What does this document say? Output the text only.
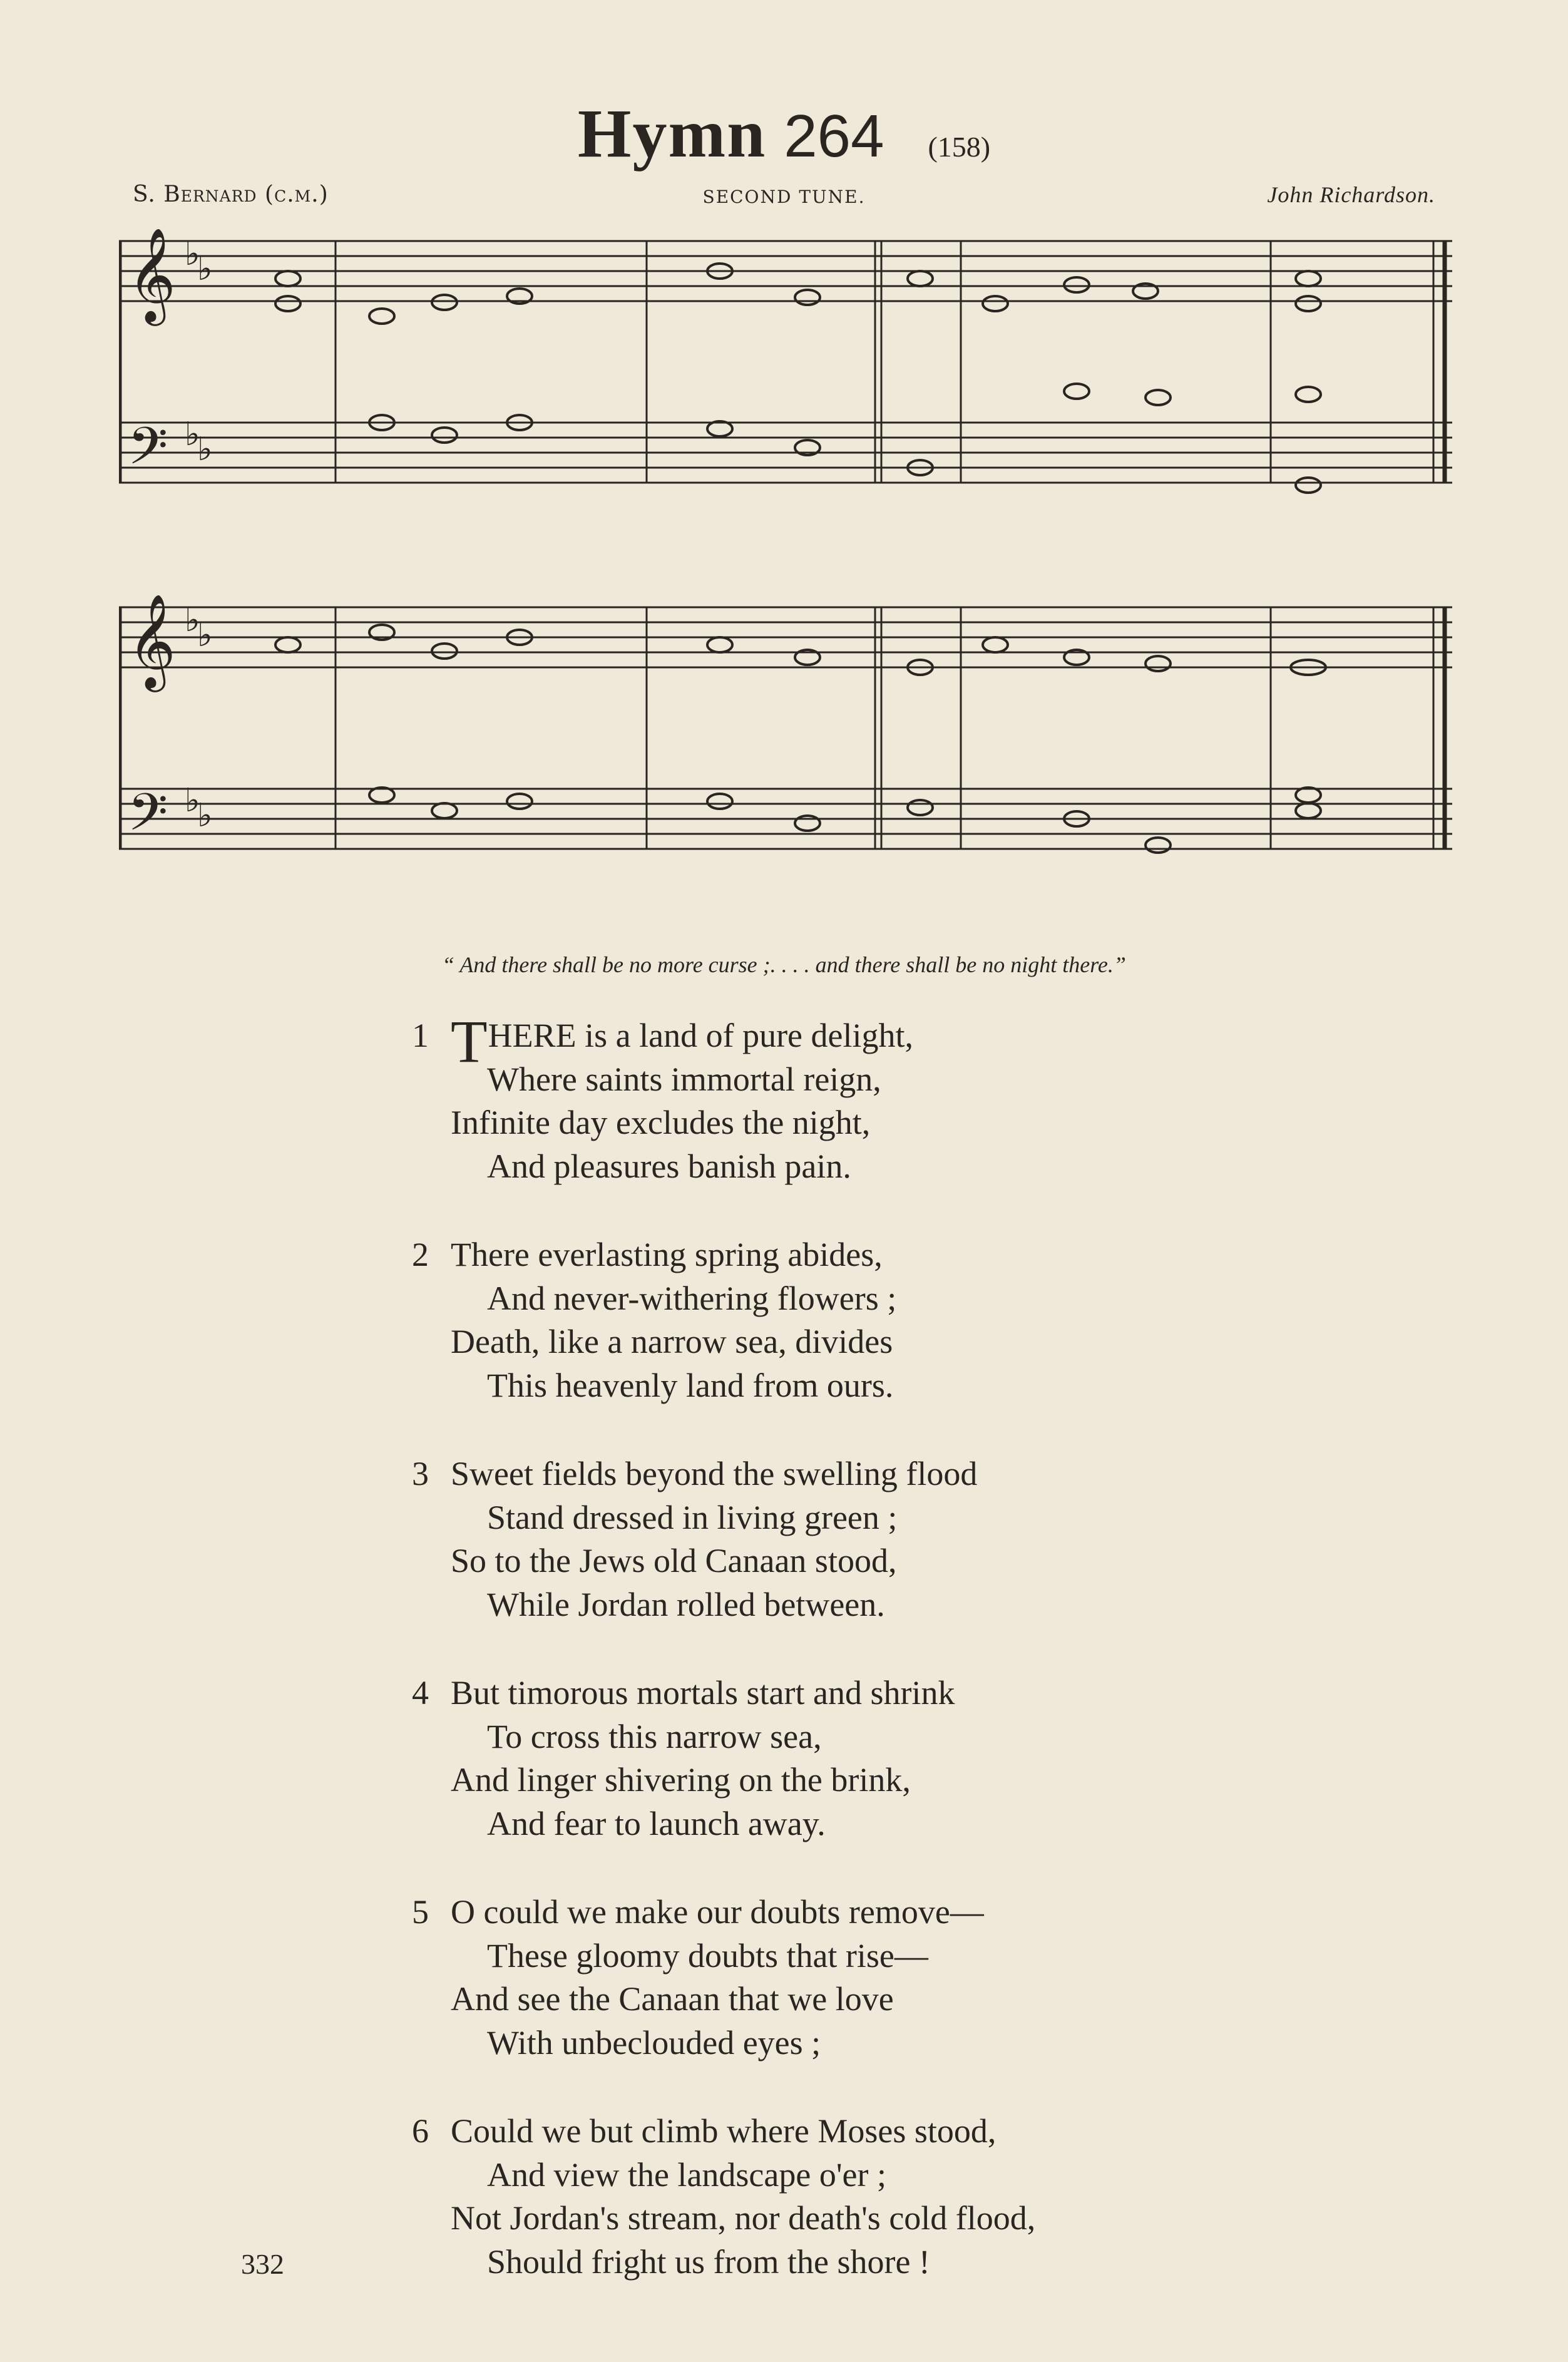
Hymn 264 (158)
S. Bernard (c.m.)	SECOND TUNE.	John Richardson.
𝄞
𝄢
♭
♭
♭
♭
𝄞
𝄢
♭
♭
♭
♭
“ And there shall be no more curse ;. . . . and there shall be no night there.”
1 THERE is a land of pure delight,
Where saints immortal reign,
Infinite day excludes the night,
And pleasures banish pain.
2 There everlasting spring abides,
And never-withering flowers ;
Death, like a narrow sea, divides
This heavenly land from ours.
3 Sweet fields beyond the swelling flood
Stand dressed in living green ;
So to the Jews old Canaan stood,
While Jordan rolled between.
4 But timorous mortals start and shrink
To cross this narrow sea,
And linger shivering on the brink,
And fear to launch away.
5 O could we make our doubts remove—
These gloomy doubts that rise—
And see the Canaan that we love
With unbeclouded eyes ;
6 Could we but climb where Moses stood,
And view the landscape o'er ;
Not Jordan's stream, nor death's cold flood,
Should fright us from the shore !
332
